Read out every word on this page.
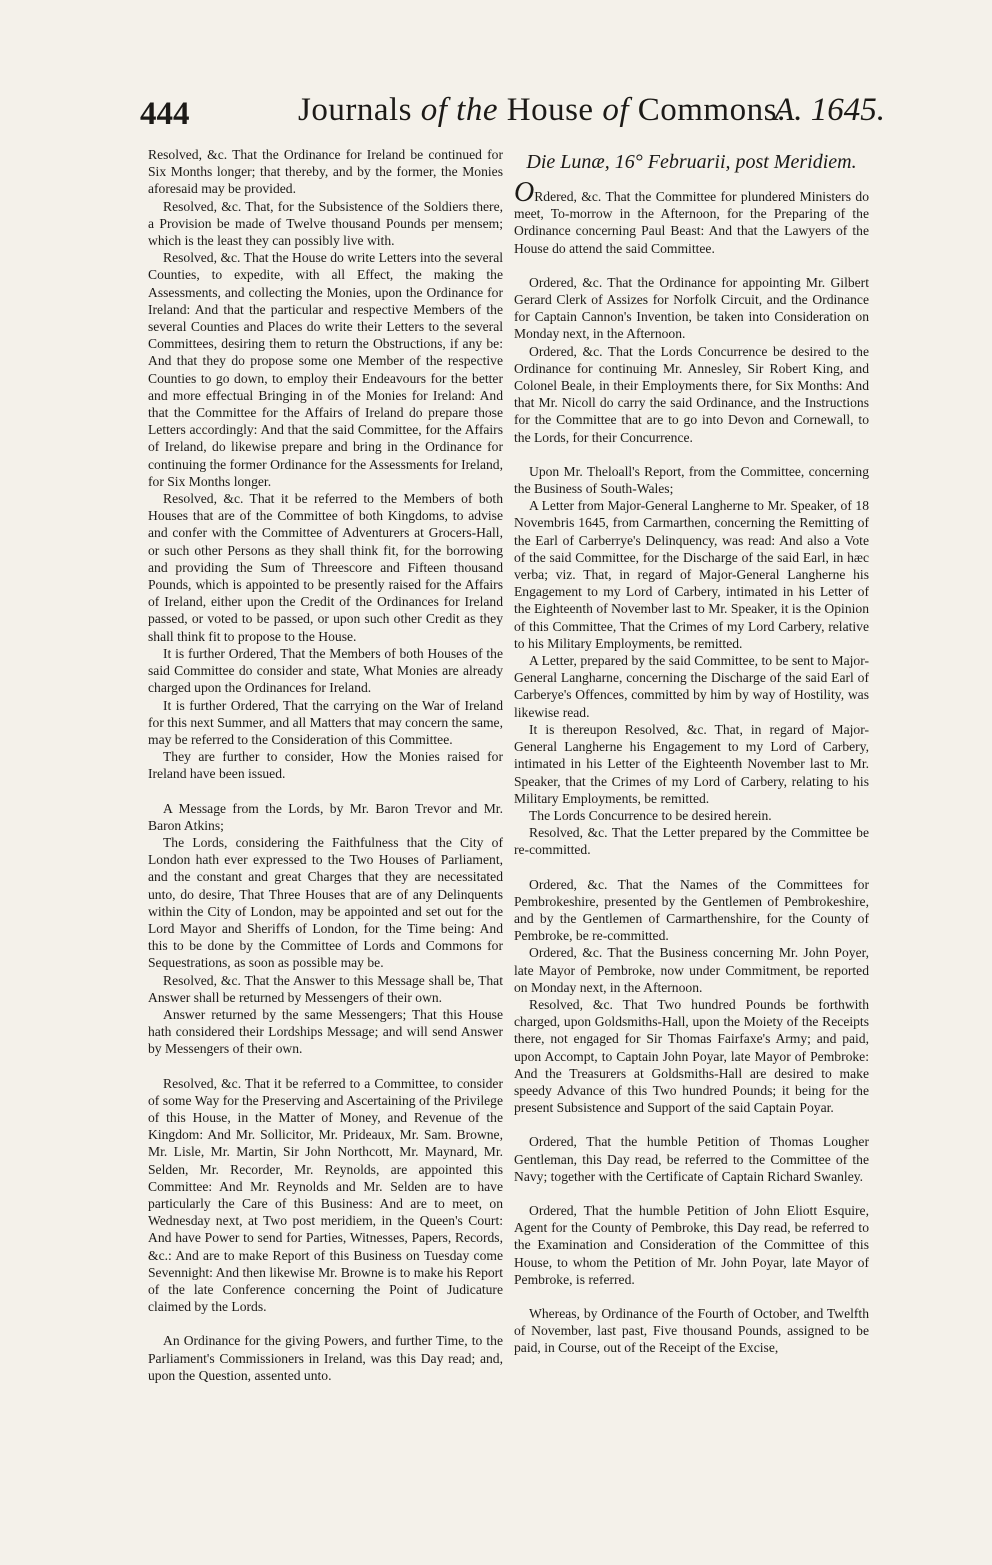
444	Journals of the House of Commons.
A. 1645.

Resolved, &c. That the Ordinance for Ireland be continued for Six Months longer; that thereby, and by the former, the Monies aforesaid may be provided.

Resolved, &c. That, for the Subsistence of the Soldiers there, a Provision be made of Twelve thousand Pounds per mensem; which is the least they can possibly live with.

Resolved, &c. That the House do write Letters into the several Counties, to expedite, with all Effect, the making the Assessments, and collecting the Monies, upon the Ordinance for Ireland: And that the particular and respective Members of the several Counties and Places do write their Letters to the several Committees, desiring them to return the Obstructions, if any be: And that they do propose some one Member of the respective Counties to go down, to employ their Endeavours for the better and more effectual Bringing in of the Monies for Ireland: And that the Committee for the Affairs of Ireland do prepare those Letters accordingly: And that the said Committee, for the Affairs of Ireland, do likewise prepare and bring in the Ordinance for continuing the former Ordinance for the Assessments for Ireland, for Six Months longer.

Resolved, &c. That it be referred to the Members of both Houses that are of the Committee of both Kingdoms, to advise and confer with the Committee of Adventurers at Grocers-Hall, or such other Persons as they shall think fit, for the borrowing and providing the Sum of Threescore and Fifteen thousand Pounds, which is appointed to be presently raised for the Affairs of Ireland, either upon the Credit of the Ordinances for Ireland passed, or voted to be passed, or upon such other Credit as they shall think fit to propose to the House.

It is further Ordered, That the Members of both Houses of the said Committee do consider and state, What Monies are already charged upon the Ordinances for Ireland.

It is further Ordered, That the carrying on the War of Ireland for this next Summer, and all Matters that may concern the same, may be referred to the Consideration of this Committee.

They are further to consider, How the Monies raised for Ireland have been issued.

A Message from the Lords, by Mr. Baron Trevor and Mr. Baron Atkins;

The Lords, considering the Faithfulness that the City of London hath ever expressed to the Two Houses of Parliament, and the constant and great Charges that they are necessitated unto, do desire, That Three Houses that are of any Delinquents within the City of London, may be appointed and set out for the Lord Mayor and Sheriffs of London, for the Time being: And this to be done by the Committee of Lords and Commons for Sequestrations, as soon as possible may be.

Resolved, &c. That the Answer to this Message shall be, That Answer shall be returned by Messengers of their own.

Answer returned by the same Messengers; That this House hath considered their Lordships Message; and will send Answer by Messengers of their own.

Resolved, &c. That it be referred to a Committee, to consider of some Way for the Preserving and Ascertaining of the Privilege of this House, in the Matter of Money, and Revenue of the Kingdom: And Mr. Sollicitor, Mr. Prideaux, Mr. Sam. Browne, Mr. Lisle, Mr. Martin, Sir John Northcott, Mr. Maynard, Mr. Selden, Mr. Recorder, Mr. Reynolds, are appointed this Committee: And Mr. Reynolds and Mr. Selden are to have particularly the Care of this Business: And are to meet, on Wednesday next, at Two post meridiem, in the Queen's Court: And have Power to send for Parties, Witnesses, Papers, Records, &c.: And are to make Report of this Business on Tuesday come Sevennight: And then likewise Mr. Browne is to make his Report of the late Conference concerning the Point of Judicature claimed by the Lords.

An Ordinance for the giving Powers, and further Time, to the Parliament's Commissioners in Ireland, was this Day read; and, upon the Question, assented unto.

Die Lunæ, 16° Februarii, post Meridiem.

ORdered, &c. That the Committee for plundered Ministers do meet, To-morrow in the Afternoon, for the Preparing of the Ordinance concerning Paul Beast: And that the Lawyers of the House do attend the said Committee.

Ordered, &c. That the Ordinance for appointing Mr. Gilbert Gerard Clerk of Assizes for Norfolk Circuit, and the Ordinance for Captain Cannon's Invention, be taken into Consideration on Monday next, in the Afternoon.

Ordered, &c. That the Lords Concurrence be desired to the Ordinance for continuing Mr. Annesley, Sir Robert King, and Colonel Beale, in their Employments there, for Six Months: And that Mr. Nicoll do carry the said Ordinance, and the Instructions for the Committee that are to go into Devon and Cornewall, to the Lords, for their Concurrence.

Upon Mr. Theloall's Report, from the Committee, concerning the Business of South-Wales;

A Letter from Major-General Langherne to Mr. Speaker, of 18 Novembris 1645, from Carmarthen, concerning the Remitting of the Earl of Carberrye's Delinquency, was read: And also a Vote of the said Committee, for the Discharge of the said Earl, in hæc verba; viz. That, in regard of Major-General Langherne his Engagement to my Lord of Carbery, intimated in his Letter of the Eighteenth of November last to Mr. Speaker, it is the Opinion of this Committee, That the Crimes of my Lord Carbery, relative to his Military Employments, be remitted.

A Letter, prepared by the said Committee, to be sent to Major-General Langharne, concerning the Discharge of the said Earl of Carberye's Offences, committed by him by way of Hostility, was likewise read.

It is thereupon Resolved, &c. That, in regard of Major-General Langherne his Engagement to my Lord of Carbery, intimated in his Letter of the Eighteenth November last to Mr. Speaker, that the Crimes of my Lord of Carbery, relating to his Military Employments, be remitted.

The Lords Concurrence to be desired herein.

Resolved, &c. That the Letter prepared by the Committee be re-committed.

Ordered, &c. That the Names of the Committees for Pembrokeshire, presented by the Gentlemen of Pembrokeshire, and by the Gentlemen of Carmarthenshire, for the County of Pembroke, be re-committed.

Ordered, &c. That the Business concerning Mr. John Poyer, late Mayor of Pembroke, now under Commitment, be reported on Monday next, in the Afternoon.

Resolved, &c. That Two hundred Pounds be forthwith charged, upon Goldsmiths-Hall, upon the Moiety of the Receipts there, not engaged for Sir Thomas Fairfaxe's Army; and paid, upon Accompt, to Captain John Poyar, late Mayor of Pembroke: And the Treasurers at Goldsmiths-Hall are desired to make speedy Advance of this Two hundred Pounds; it being for the present Subsistence and Support of the said Captain Poyar.

Ordered, That the humble Petition of Thomas Lougher Gentleman, this Day read, be referred to the Committee of the Navy; together with the Certificate of Captain Richard Swanley.

Ordered, That the humble Petition of John Eliott Esquire, Agent for the County of Pembroke, this Day read, be referred to the Examination and Consideration of the Committee of this House, to whom the Petition of Mr. John Poyar, late Mayor of Pembroke, is referred.

Whereas, by Ordinance of the Fourth of October, and Twelfth of November, last past, Five thousand Pounds, assigned to be paid, in Course, out of the Receipt of the Excise,
